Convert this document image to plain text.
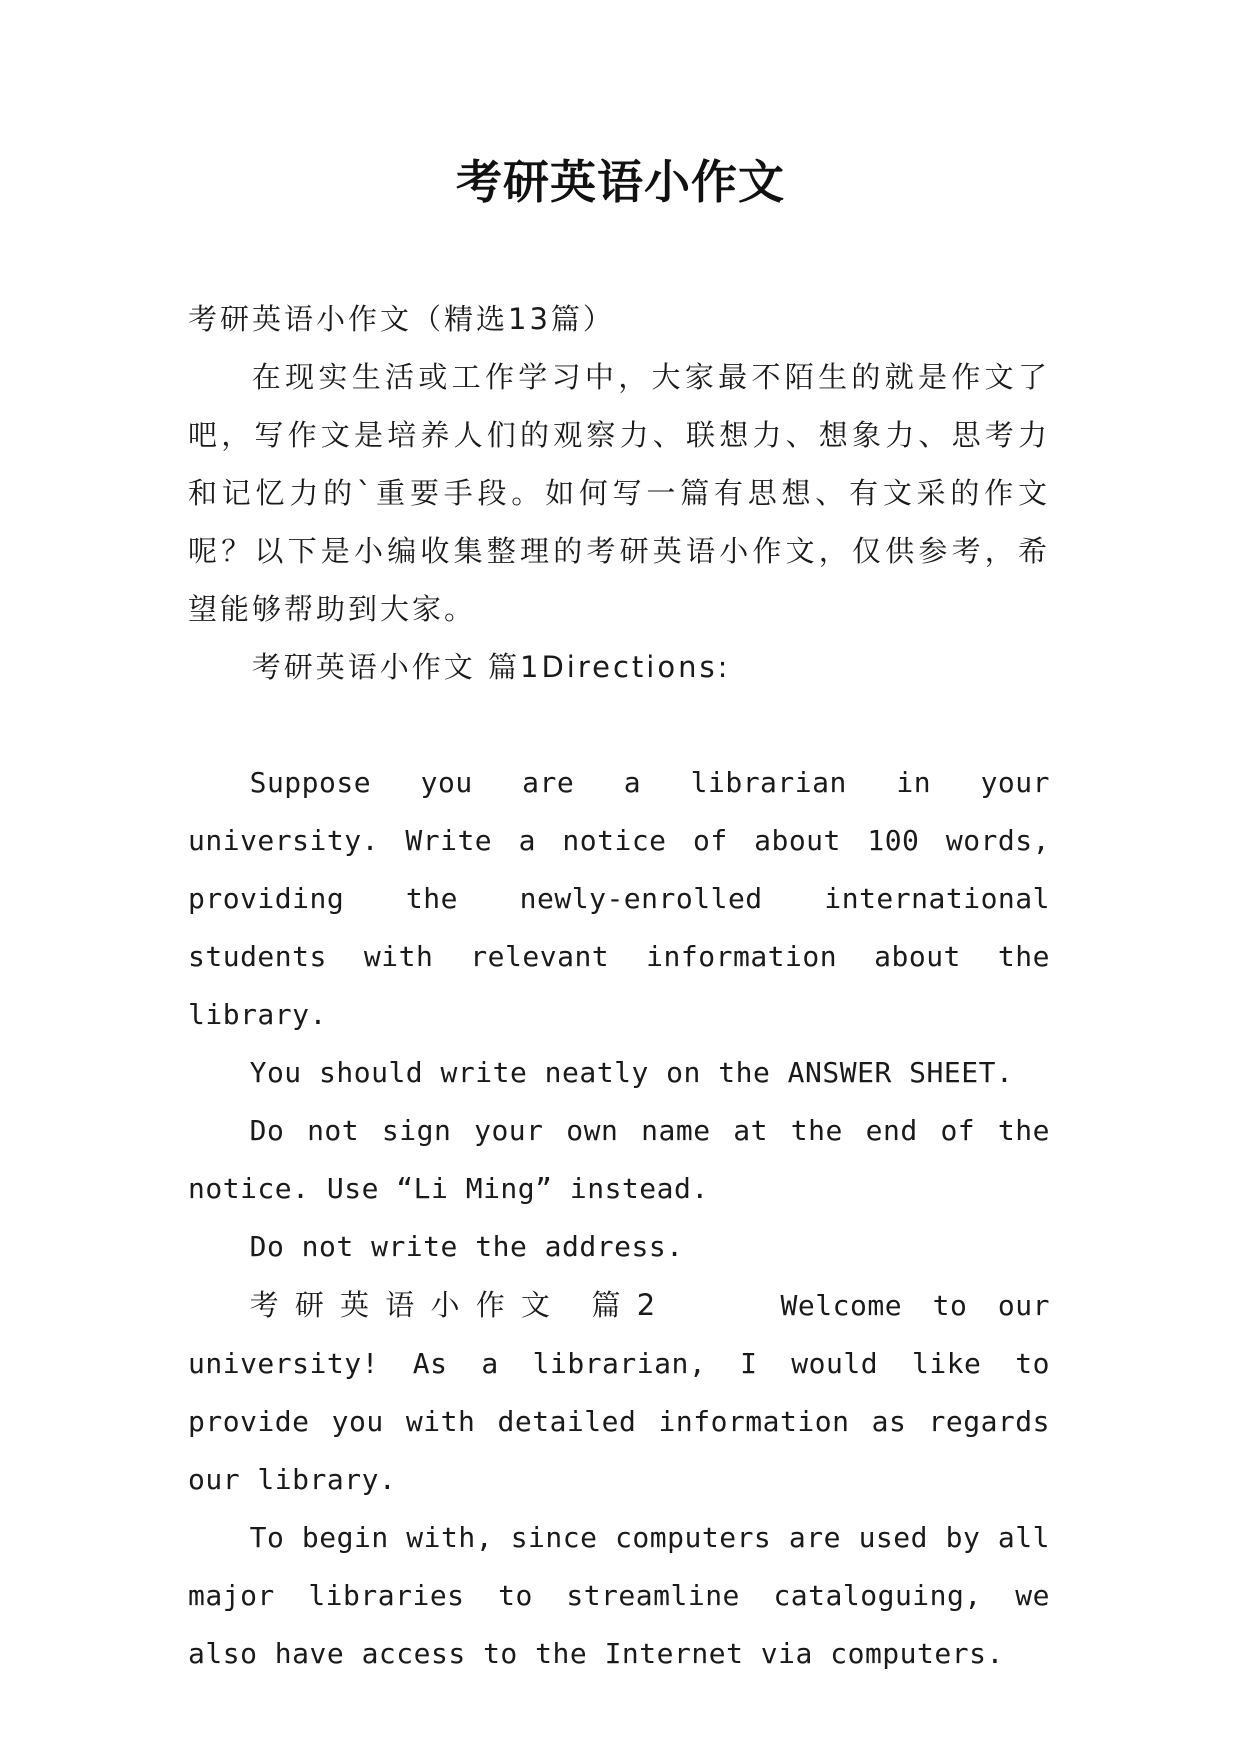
考研英语小作文

考研英语小作文（精选13篇）

在现实生活或工作学习中，大家最不陌生的就是作文了吧，写作文是培养人们的观察力、联想力、想象力、思考力和记忆力的`重要手段。如何写一篇有思想、有文采的作文呢？以下是小编收集整理的考研英语小作文，仅供参考，希望能够帮助到大家。

考研英语小作文 篇1Directions:

Suppose you are a librarian in your university. Write a notice of about 100 words, providing the newly-enrolled international students with relevant information about the library.

You should write neatly on the ANSWER SHEET.

Do not sign your own name at the end of the notice. Use “Li Ming” instead.

Do not write the address.

考研英语小作文 篇2	Welcome to our university! As a librarian, I would like to provide you with detailed information as regards our library.

To begin with, since computers are used by all major libraries to streamline cataloguing, we also have access to the Internet via computers.
